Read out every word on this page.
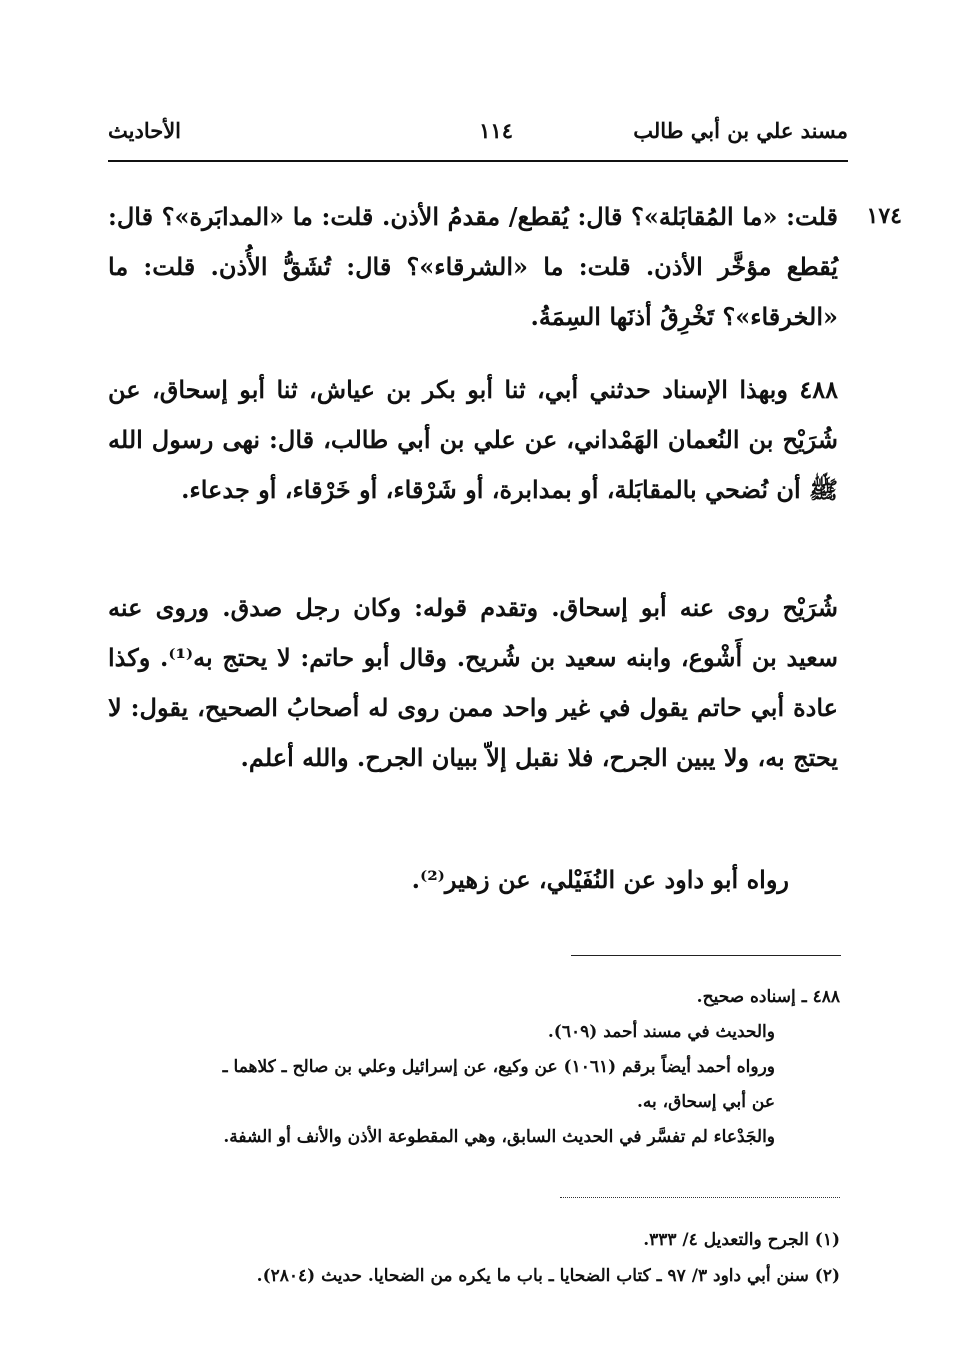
مسند علي بن أبي طالب
١١٤
الأحاديث
١٧٤

قلت: «ما المُقابَلة»؟ قال: يُقطع/ مقدمُ الأذن. قلت: ما «المدابَرة»؟ قال: يُقطع مؤخَّر الأذن. قلت: ما «الشرقاء»؟ قال: تُشَقُّ الأُذن. قلت: ما «الخرقاء»؟ تَخْرِقُ أذنَها السِمَةُ.

٤٨٨ وبهذا الإسناد حدثني أبي، ثنا أبو بكر بن عياش، ثنا أبو إسحاق، عن شُرَيْح بن النُعمان الهَمْداني، عن علي بن أبي طالب، قال: نهى رسول الله ﷺ أن نُضحي بالمقابَلة، أو بمدابرة، أو شَرْقاء، أو خَرْقاء، أو جدعاء.

شُرَيْح روى عنه أبو إسحاق. وتقدم قوله: وكان رجل صدق. وروى عنه سعيد بن أَشْوع، وابنه سعيد بن شُريح. وقال أبو حاتم: لا يحتج به⁽¹⁾. وكذا عادة أبي حاتم يقول في غير واحد ممن روى له أصحابُ الصحيح، يقول: لا يحتج به، ولا يبين الجرح، فلا نقبل إلاّ ببيان الجرح. والله أعلم.

رواه أبو داود عن النُفَيْلي، عن زهير⁽²⁾.

٤٨٨ ـ إسناده صحيح.
والحديث في مسند أحمد (٦٠٩).
ورواه أحمد أيضاً برقم (١٠٦١) عن وكيع، عن إسرائيل وعلي بن صالح ـ كلاهما ـ
عن أبي إسحاق، به.
والجَدْعاء لم تفسَّر في الحديث السابق، وهي المقطوعة الأذن والأنف أو الشفة.
(١) الجرح والتعديل ٤/ ٣٣٣.
(٢) سنن أبي داود ٣/ ٩٧ ـ كتاب الضحايا ـ باب ما يكره من الضحايا. حديث (٢٨٠٤).
